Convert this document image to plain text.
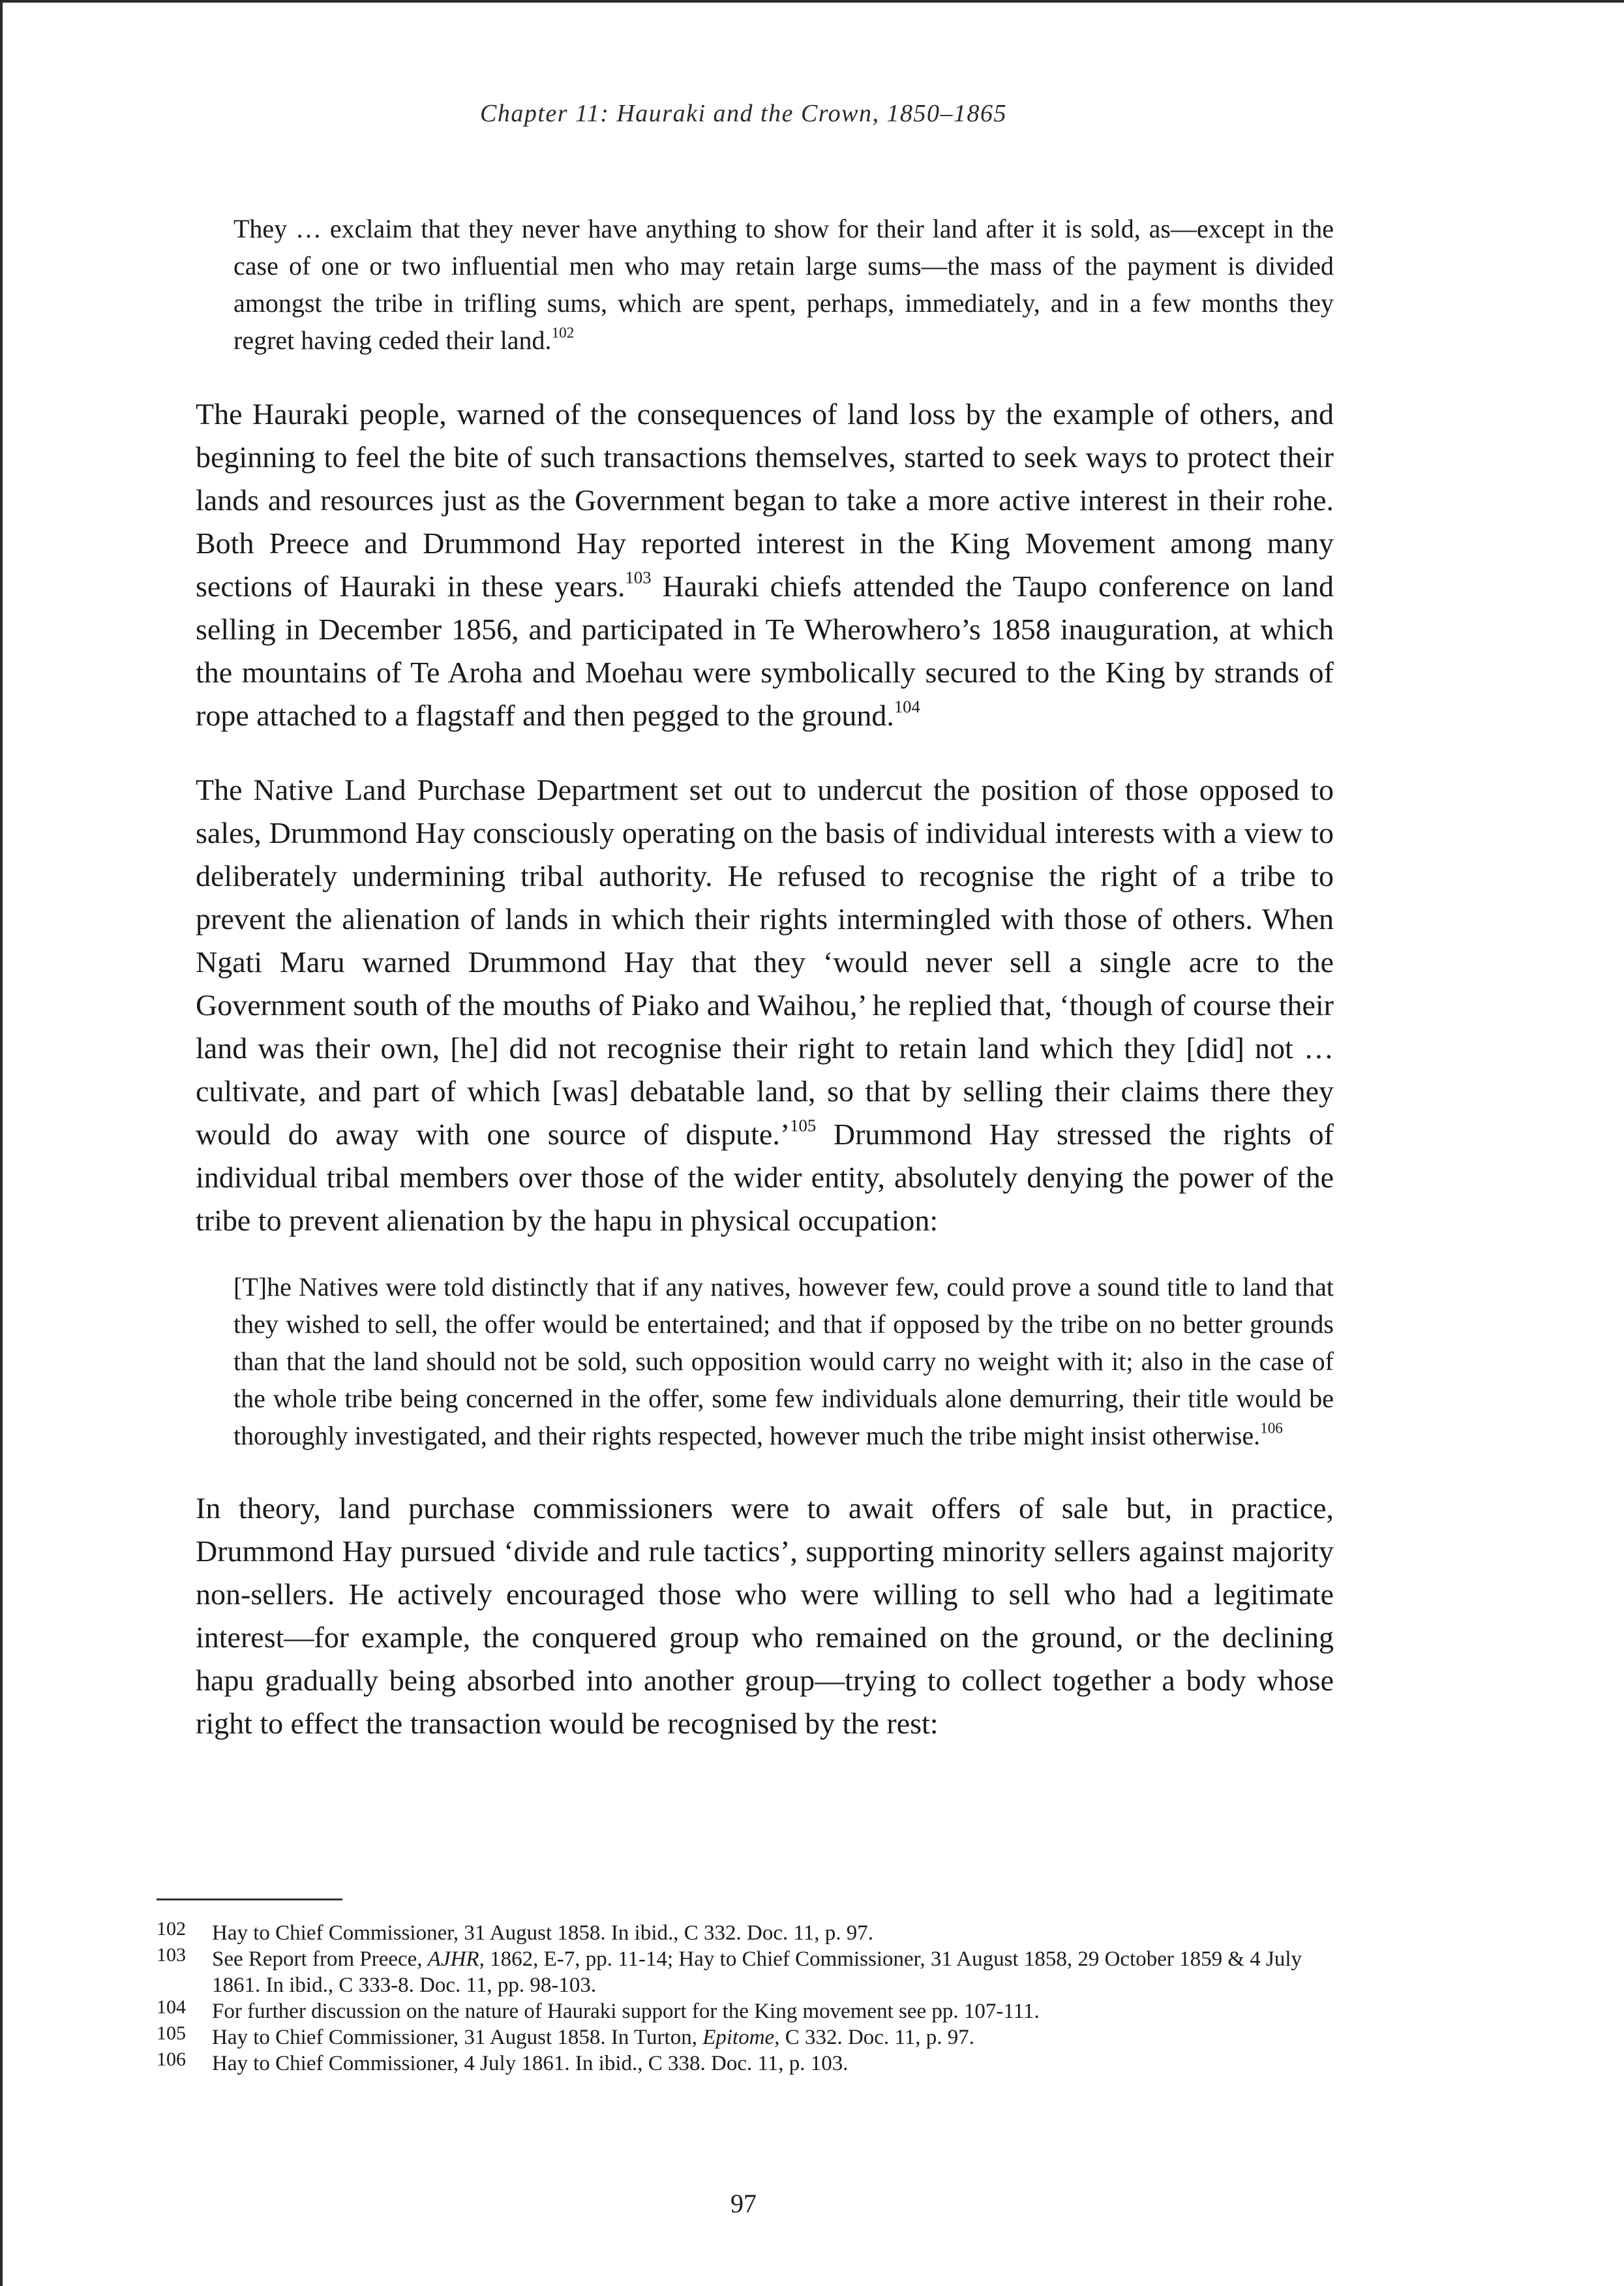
Chapter 11: Hauraki and the Crown, 1850–1865

They … exclaim that they never have anything to show for their land after it is sold, as—except in the case of one or two influential men who may retain large sums—the mass of the payment is divided amongst the tribe in trifling sums, which are spent, perhaps, immediately, and in a few months they regret having ceded their land.$^{102}$

The Hauraki people, warned of the consequences of land loss by the example of others, and beginning to feel the bite of such transactions themselves, started to seek ways to protect their lands and resources just as the Government began to take a more active interest in their rohe. Both Preece and Drummond Hay reported interest in the King Movement among many sections of Hauraki in these years.$^{103}$ Hauraki chiefs attended the Taupo conference on land selling in December 1856, and participated in Te Wherowhero’s 1858 inauguration, at which the mountains of Te Aroha and Moehau were symbolically secured to the King by strands of rope attached to a flagstaff and then pegged to the ground.$^{104}$

The Native Land Purchase Department set out to undercut the position of those opposed to sales, Drummond Hay consciously operating on the basis of individual interests with a view to deliberately undermining tribal authority. He refused to recognise the right of a tribe to prevent the alienation of lands in which their rights intermingled with those of others. When Ngati Maru warned Drummond Hay that they ‘would never sell a single acre to the Government south of the mouths of Piako and Waihou,’ he replied that, ‘though of course their land was their own, [he] did not recognise their right to retain land which they [did] not … cultivate, and part of which [was] debatable land, so that by selling their claims there they would do away with one source of dispute.’$^{105}$ Drummond Hay stressed the rights of individual tribal members over those of the wider entity, absolutely denying the power of the tribe to prevent alienation by the hapu in physical occupation:

[T]he Natives were told distinctly that if any natives, however few, could prove a sound title to land that they wished to sell, the offer would be entertained; and that if opposed by the tribe on no better grounds than that the land should not be sold, such opposition would carry no weight with it; also in the case of the whole tribe being concerned in the offer, some few individuals alone demurring, their title would be thoroughly investigated, and their rights respected, however much the tribe might insist otherwise.$^{106}$

In theory, land purchase commissioners were to await offers of sale but, in practice, Drummond Hay pursued ‘divide and rule tactics’, supporting minority sellers against majority non-sellers. He actively encouraged those who were willing to sell who had a legitimate interest—for example, the conquered group who remained on the ground, or the declining hapu gradually being absorbed into another group—trying to collect together a body whose right to effect the transaction would be recognised by the rest:

102	Hay to Chief Commissioner, 31 August 1858. In ibid., C 332. Doc. 11, p. 97.
103	See Report from Preece, AJHR, 1862, E-7, pp. 11-14; Hay to Chief Commissioner, 31 August 1858, 29 October 1859 & 4 July 1861. In ibid., C 333-8. Doc. 11, pp. 98-103.
104	For further discussion on the nature of Hauraki support for the King movement see pp. 107-111.
105	Hay to Chief Commissioner, 31 August 1858. In Turton, Epitome, C 332. Doc. 11, p. 97.
106	Hay to Chief Commissioner, 4 July 1861. In ibid., C 338. Doc. 11, p. 103.
97
